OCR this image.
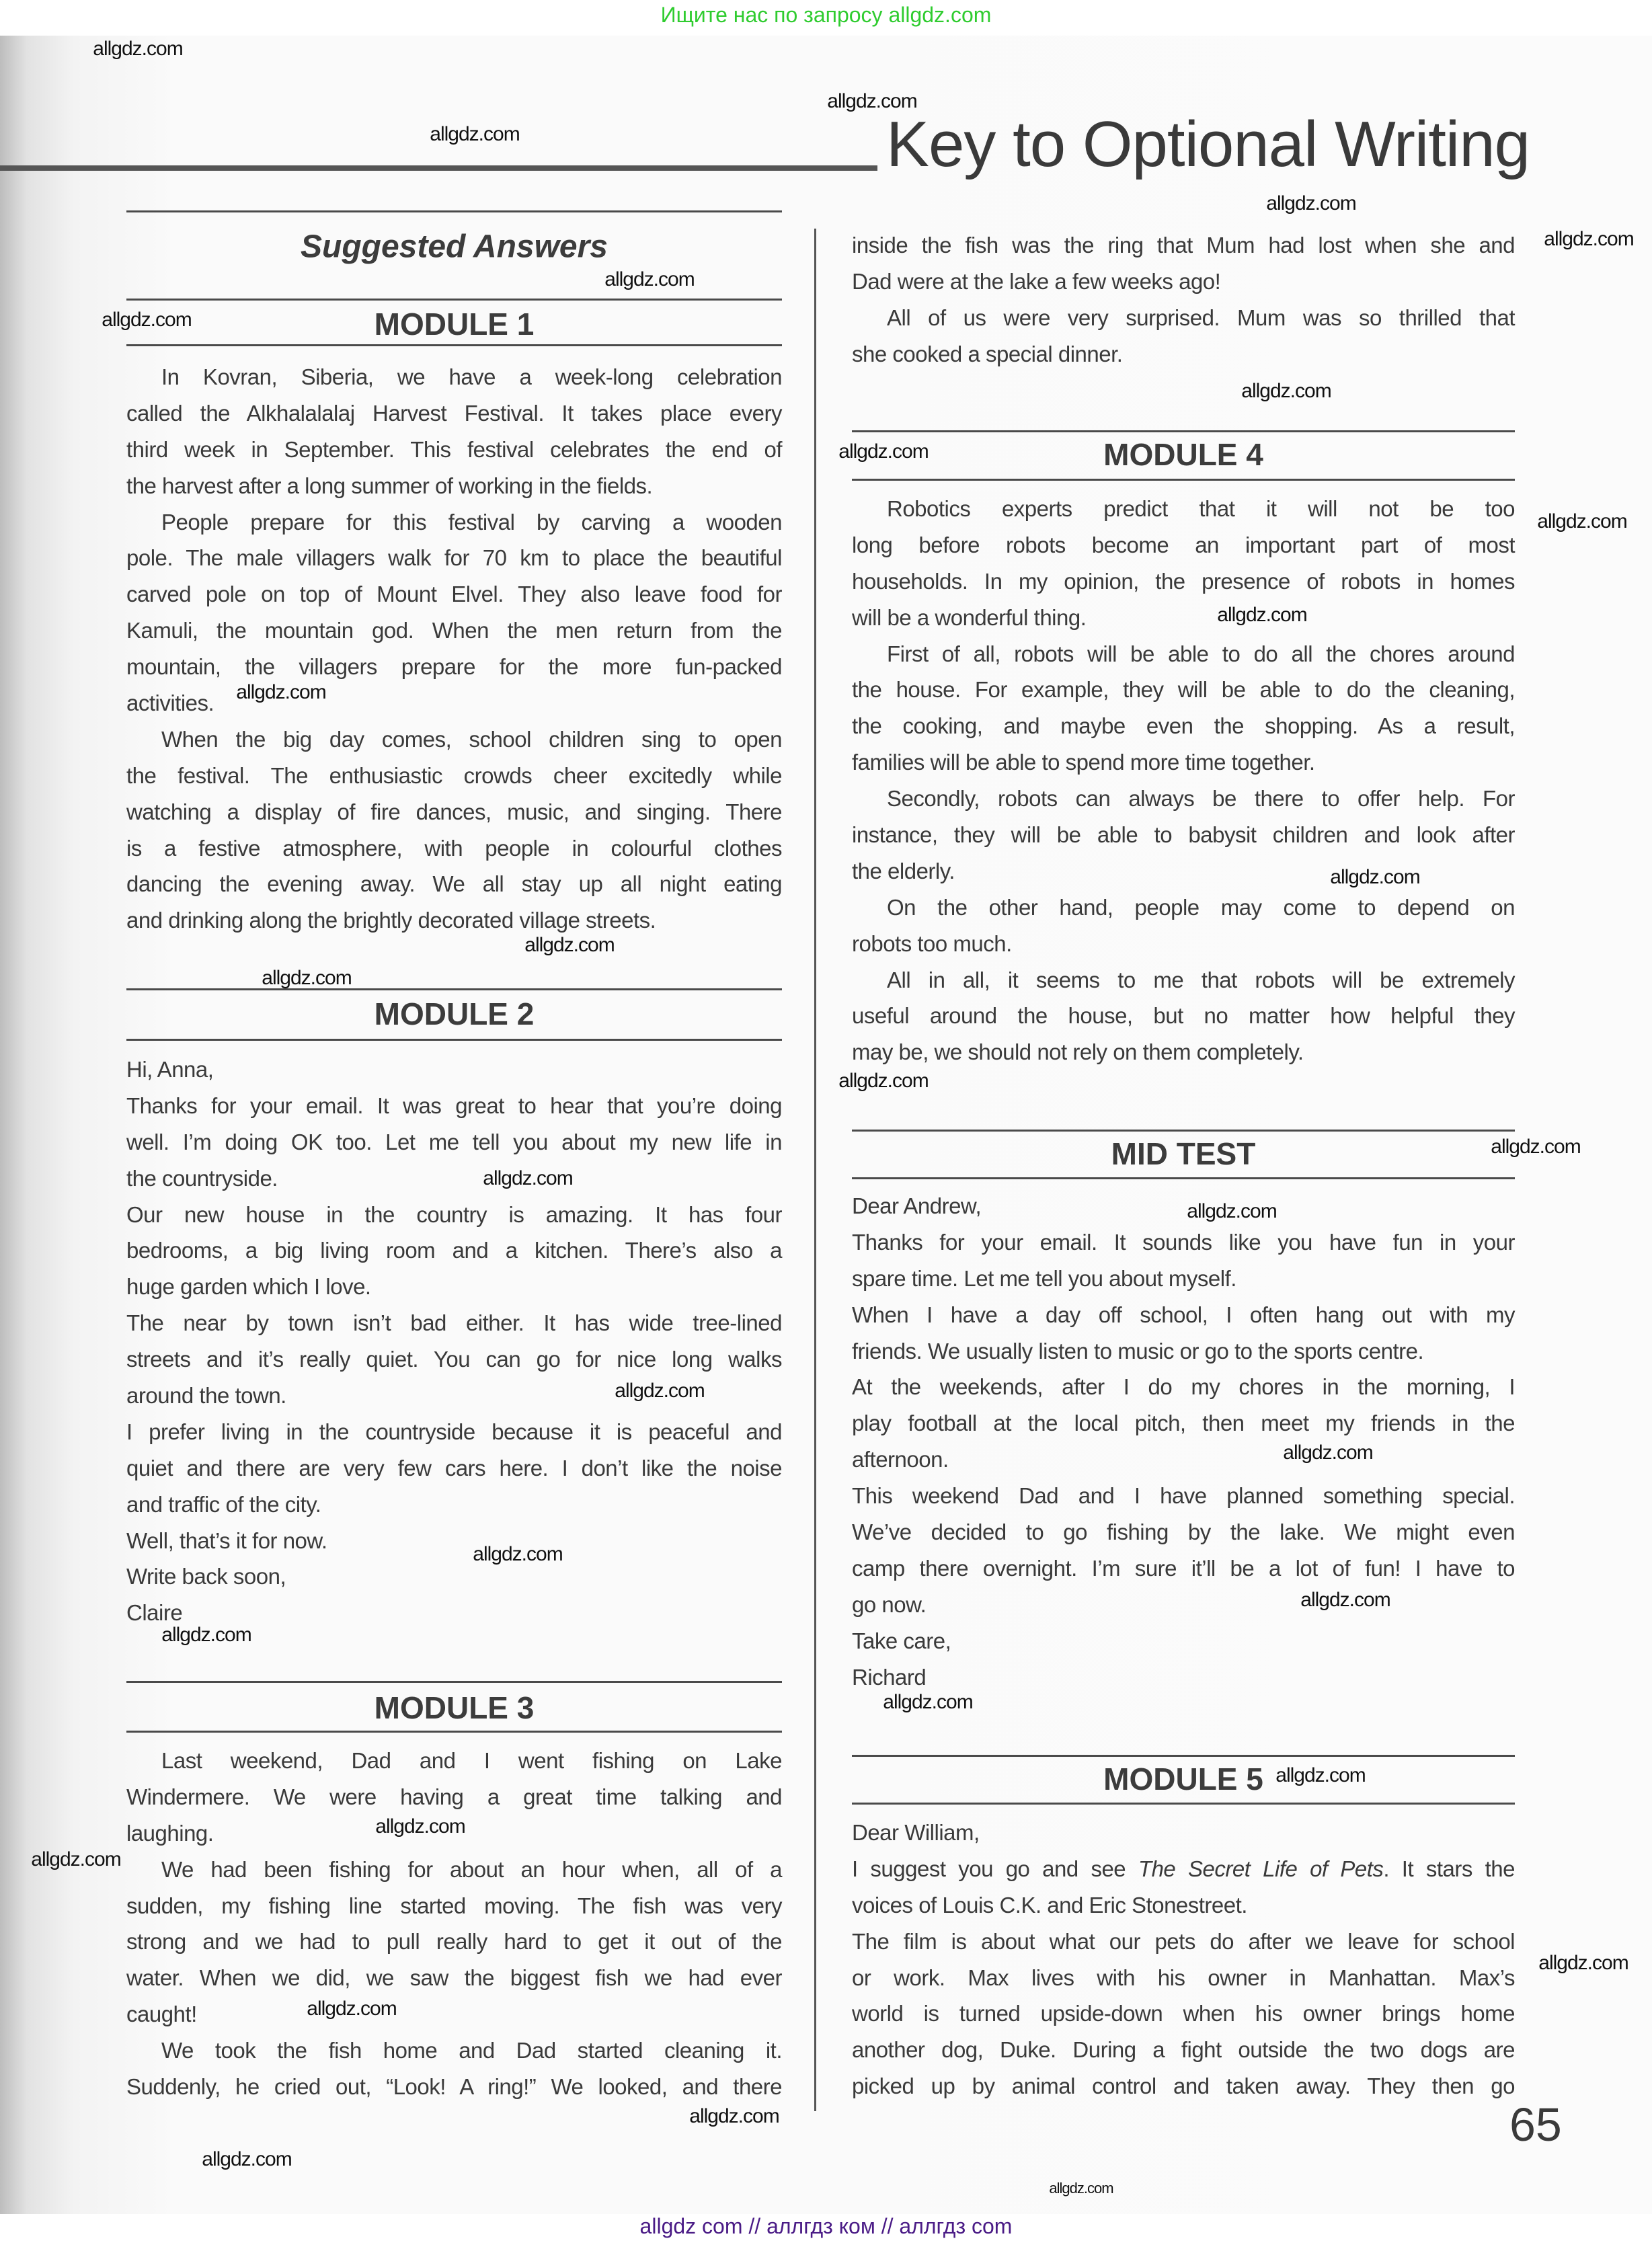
Ищите нас по запросу allgdz.com
Key to Optional Writing
Suggested Answers
MODULE 1
MODULE 2
MODULE 3
MODULE 4
MID TEST
MODULE 5
In Kovran, Siberia, we have a week-long celebration
called the Alkhalalalaj Harvest Festival. It takes place every
third week in September. This festival celebrates the end of
the harvest after a long summer of working in the fields.
People prepare for this festival by carving a wooden
pole. The male villagers walk for 70 km to place the beautiful
carved pole on top of Mount Elvel. They also leave food for
Kamuli, the mountain god. When the men return from the
mountain, the villagers prepare for the more fun-packed
activities.
When the big day comes, school children sing to open
the festival. The enthusiastic crowds cheer excitedly while
watching a display of fire dances, music, and singing. There
is a festive atmosphere, with people in colourful clothes
dancing the evening away. We all stay up all night eating
and drinking along the brightly decorated village streets.
Hi, Anna,
Thanks for your email. It was great to hear that you’re doing
well. I’m doing OK too. Let me tell you about my new life in
the countryside.
Our new house in the country is amazing. It has four
bedrooms, a big living room and a kitchen. There’s also a
huge garden which I love.
The near by town isn’t bad either. It has wide tree-lined
streets and it’s really quiet. You can go for nice long walks
around the town.
I prefer living in the countryside because it is peaceful and
quiet and there are very few cars here. I don’t like the noise
and traffic of the city.
Well, that’s it for now.
Write back soon,
Claire
Last weekend, Dad and I went fishing on Lake
Windermere. We were having a great time talking and
laughing.
We had been fishing for about an hour when, all of a
sudden, my fishing line started moving. The fish was very
strong and we had to pull really hard to get it out of the
water. When we did, we saw the biggest fish we had ever
caught!
We took the fish home and Dad started cleaning it.
Suddenly, he cried out, “Look! A ring!” We looked, and there
inside the fish was the ring that Mum had lost when she and
Dad were at the lake a few weeks ago!
All of us were very surprised. Mum was so thrilled that
she cooked a special dinner.
Robotics experts predict that it will not be too
long before robots become an important part of most
households. In my opinion, the presence of robots in homes
will be a wonderful thing.
First of all, robots will be able to do all the chores around
the house. For example, they will be able to do the cleaning,
the cooking, and maybe even the shopping. As a result,
families will be able to spend more time together.
Secondly, robots can always be there to offer help. For
instance, they will be able to babysit children and look after
the elderly.
On the other hand, people may come to depend on
robots too much.
All in all, it seems to me that robots will be extremely
useful around the house, but no matter how helpful they
may be, we should not rely on them completely.
Dear Andrew,
Thanks for your email. It sounds like you have fun in your
spare time. Let me tell you about myself.
When I have a day off school, I often hang out with my
friends. We usually listen to music or go to the sports centre.
At the weekends, after I do my chores in the morning, I
play football at the local pitch, then meet my friends in the
afternoon.
This weekend Dad and I have planned something special.
We’ve decided to go fishing by the lake. We might even
camp there overnight. I’m sure it’ll be a lot of fun! I have to
go now.
Take care,
Richard
Dear William,
I suggest you go and see The Secret Life of Pets. It stars the
voices of Louis C.K. and Eric Stonestreet.
The film is about what our pets do after we leave for school
or work. Max lives with his owner in Manhattan. Max’s
world is turned upside-down when his owner brings home
another dog, Duke. During a fight outside the two dogs are
picked up by animal control and taken away. They then go
65
allgdz.com
allgdz.com
allgdz.com
allgdz.com
allgdz.com
allgdz.com
allgdz.com
allgdz.com
allgdz.com
allgdz.com
allgdz.com
allgdz.com
allgdz.com
allgdz.com
allgdz.com
allgdz.com
allgdz.com
allgdz.com
allgdz.com
allgdz.com
allgdz.com
allgdz.com
allgdz.com
allgdz.com
allgdz.com
allgdz.com
allgdz.com
allgdz.com
allgdz.com
allgdz.com
allgdz.com
allgdz.com
allgdz.com
allgdz com // аллгдз ком // аллгдз com
